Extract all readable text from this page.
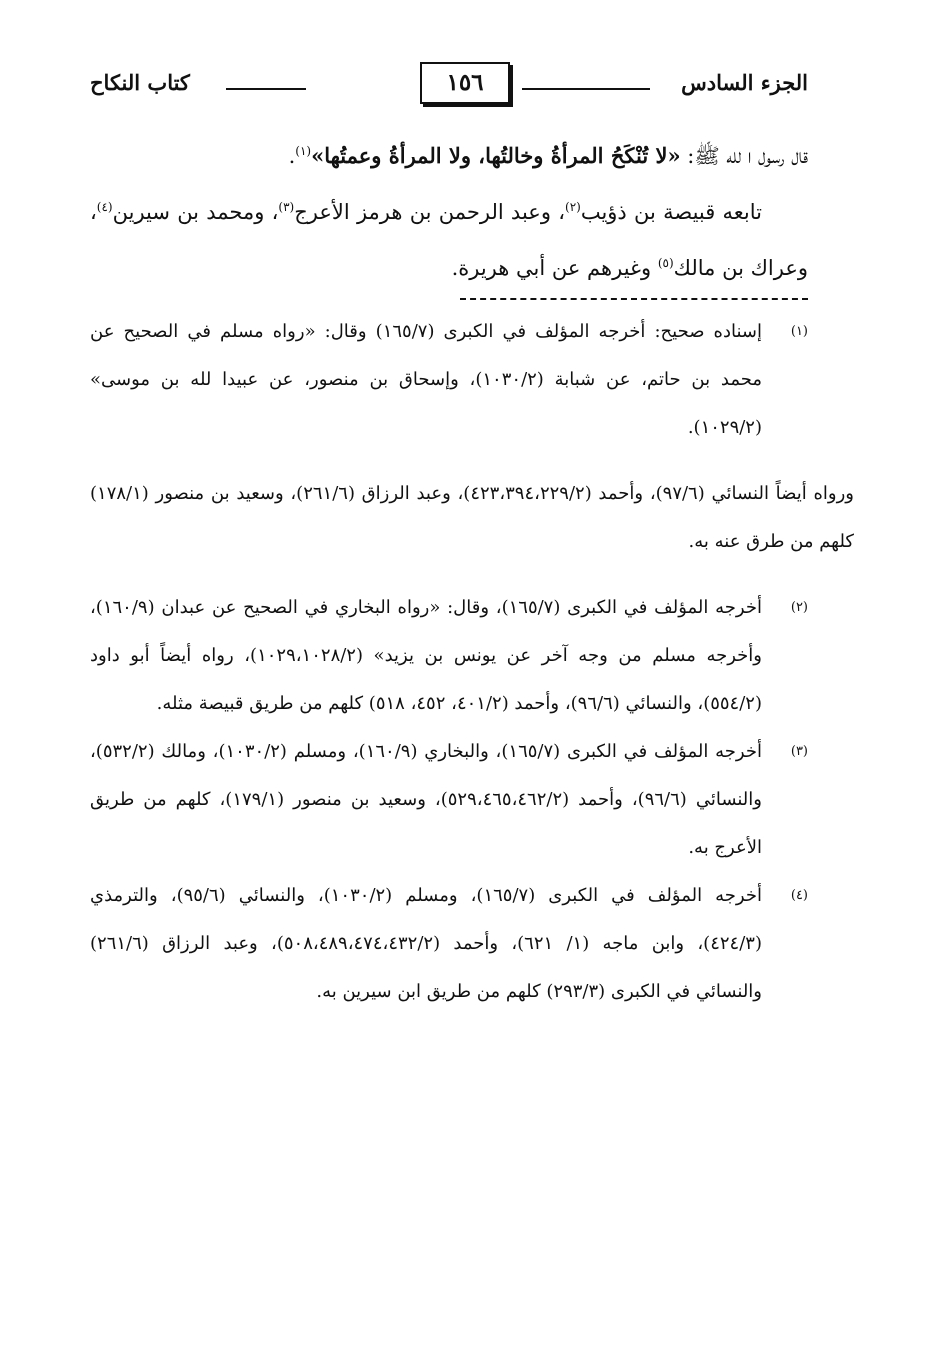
الجزء السادس
١٥٦
كتاب النكاح

قال رسول ا لله ﷺ: «لا تُنْكَحُ المرأةُ وخالتُها، ولا المرأةُ وعمتُها»$^{(١)}$.

تابعه قبيصة بن ذؤيب$^{(٢)}$، وعبد الرحمن بن هرمز الأعرج$^{(٣)}$، ومحمد بن سيرين$^{(٤)}$، وعراك بن مالك$^{(٥)}$ وغيرهم عن أبي هريرة.

(١)
إسناده صحيح: أخرجه المؤلف في الكبرى (١٦٥/٧) وقال: «رواه مسلم في الصحيح عن محمد بن حاتم، عن شبابة (١٠٣٠/٢)، وإسحاق بن منصور، عن عبيدا لله بن موسى» (١٠٢٩/٢).

ورواه أيضاً النسائي (٩٧/٦)، وأحمد (٤٢٣،٣٩٤،٢٢٩/٢)، وعبد الرزاق (٢٦١/٦)، وسعيد بن منصور (١٧٨/١) كلهم من طرق عنه به.

(٢)
أخرجه المؤلف في الكبرى (١٦٥/٧)، وقال: «رواه البخاري في الصحيح عن عبدان (١٦٠/٩)، وأخرجه مسلم من وجه آخر عن يونس بن يزيد» (١٠٢٩،١٠٢٨/٢)، رواه أيضاً أبو داود (٥٥٤/٢)، والنسائي (٩٦/٦)، وأحمد (٤٠١/٢، ٤٥٢، ٥١٨) كلهم من طريق قبيصة مثله.
(٣)
أخرجه المؤلف في الكبرى (١٦٥/٧)، والبخاري (١٦٠/٩)، ومسلم (١٠٣٠/٢)، ومالك (٥٣٢/٢)، والنسائي (٩٦/٦)، وأحمد (٥٢٩،٤٦٥،٤٦٢/٢)، وسعيد بن منصور (١٧٩/١)، كلهم من طريق الأعرج به.
(٤)
أخرجه المؤلف في الكبرى (١٦٥/٧)، ومسلم (١٠٣٠/٢)، والنسائي (٩٥/٦)، والترمذي (٤٢٤/٣)، وابن ماجه (١/ ٦٢١)، وأحمد (٥٠٨،٤٨٩،٤٧٤،٤٣٢/٢)، وعبد الرزاق (٢٦١/٦) والنسائي في الكبرى (٢٩٣/٣) كلهم من طريق ابن سيرين به.
